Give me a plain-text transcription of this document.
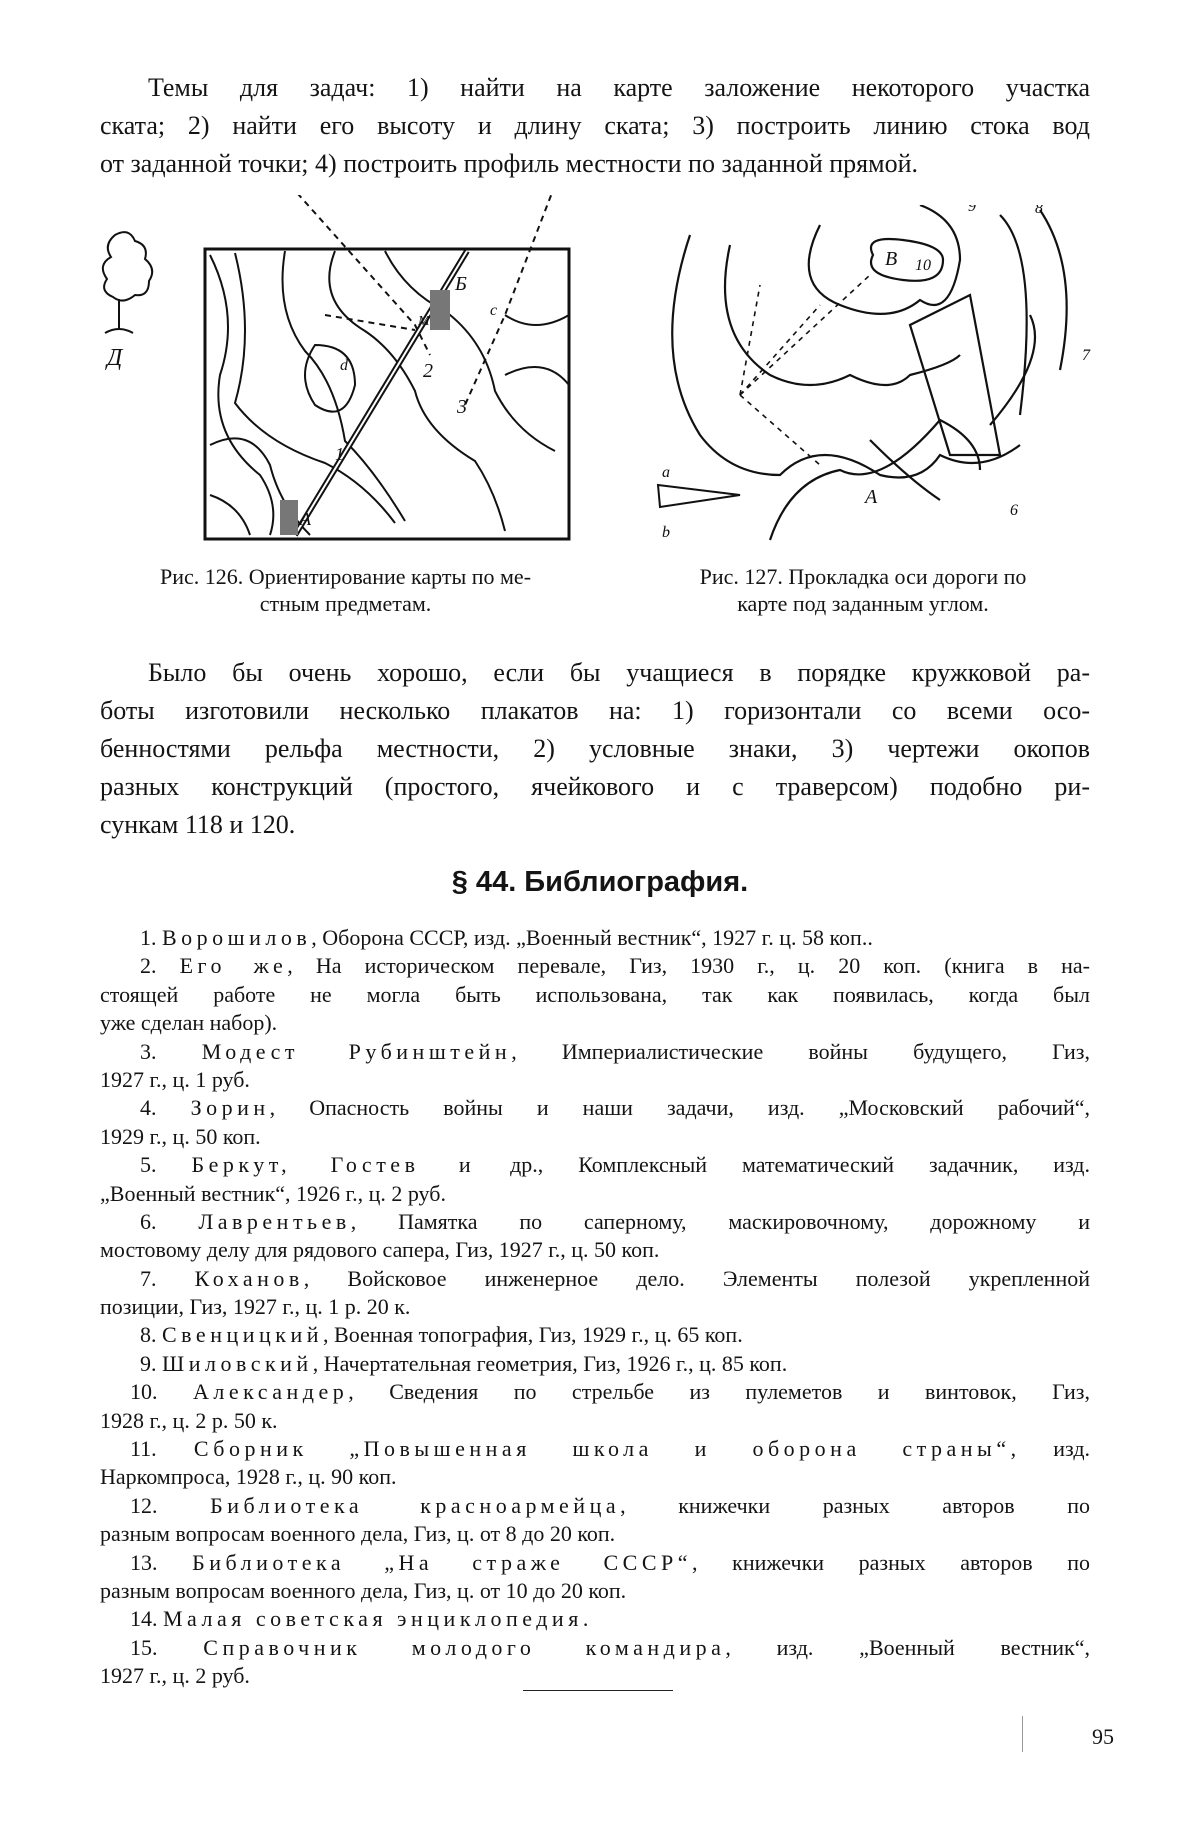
Темы для задач: 1) найти на карте заложение некоторого участка
ската; 2) найти его высоту и длину ската; 3) построить линию стока вод
от заданной точки; 4) построить профиль местности по заданной прямой.
Д
Б
М
1
2
3
А
с
d
Рис. 126. Ориентирование карты по ме-
стным предметам.
В 10
9	8
7
6
А
a
b
Рис. 127. Прокладка оси дороги по
карте под заданным углом.
Было бы очень хорошо, если бы учащиеся в порядке кружковой ра-
боты изготовили несколько плакатов на: 1) горизонтали со всеми осо-
бенностями рельфа местности, 2) условные знаки, 3) чертежи окопов
разных конструкций (простого, ячейкового и с траверсом) подобно ри-
сункам 118 и 120.
§ 44. Библиография.
1. Ворошилов, Оборона СССР, изд. „Военный вестник“, 1927 г. ц. 58 коп..
2. Его же, На историческом перевале, Гиз, 1930 г., ц. 20 коп. (книга в на-
стоящей работе не могла быть использована, так как появилась, когда был
уже сделан набор).
3. Модест Рубинштейн, Империалистические войны будущего, Гиз,
1927 г., ц. 1 руб.
4. Зорин, Опасность войны и наши задачи, изд. „Московский рабочий“,
1929 г., ц. 50 коп.
5. Беркут, Гостев и др., Комплексный математический задачник, изд.
„Военный вестник“, 1926 г., ц. 2 руб.
6. Лаврентьев, Памятка по саперному, маскировочному, дорожному и
мостовому делу для рядового сапера, Гиз, 1927 г., ц. 50 коп.
7. Коханов, Войсковое инженерное дело. Элементы полезой укрепленной
позиции, Гиз, 1927 г., ц. 1 р. 20 к.
8. Свенцицкий, Военная топография, Гиз, 1929 г., ц. 65 коп.
9. Шиловский, Начертательная геометрия, Гиз, 1926 г., ц. 85 коп.
10. Александер, Сведения по стрельбе из пулеметов и винтовок, Гиз,
1928 г., ц. 2 р. 50 к.
11. Сборник „Повышенная школа и оборона страны“, изд.
Наркомпроса, 1928 г., ц. 90 коп.
12. Библиотека красноармейца, книжечки разных авторов по
разным вопросам военного дела, Гиз, ц. от 8 до 20 коп.
13. Библиотека „На страже СССР“, книжечки разных авторов по
разным вопросам военного дела, Гиз, ц. от 10 до 20 коп.
14. Малая советская энциклопедия.
15. Справочник молодого командира, изд. „Военный вестник“,
1927 г., ц. 2 руб.
95
